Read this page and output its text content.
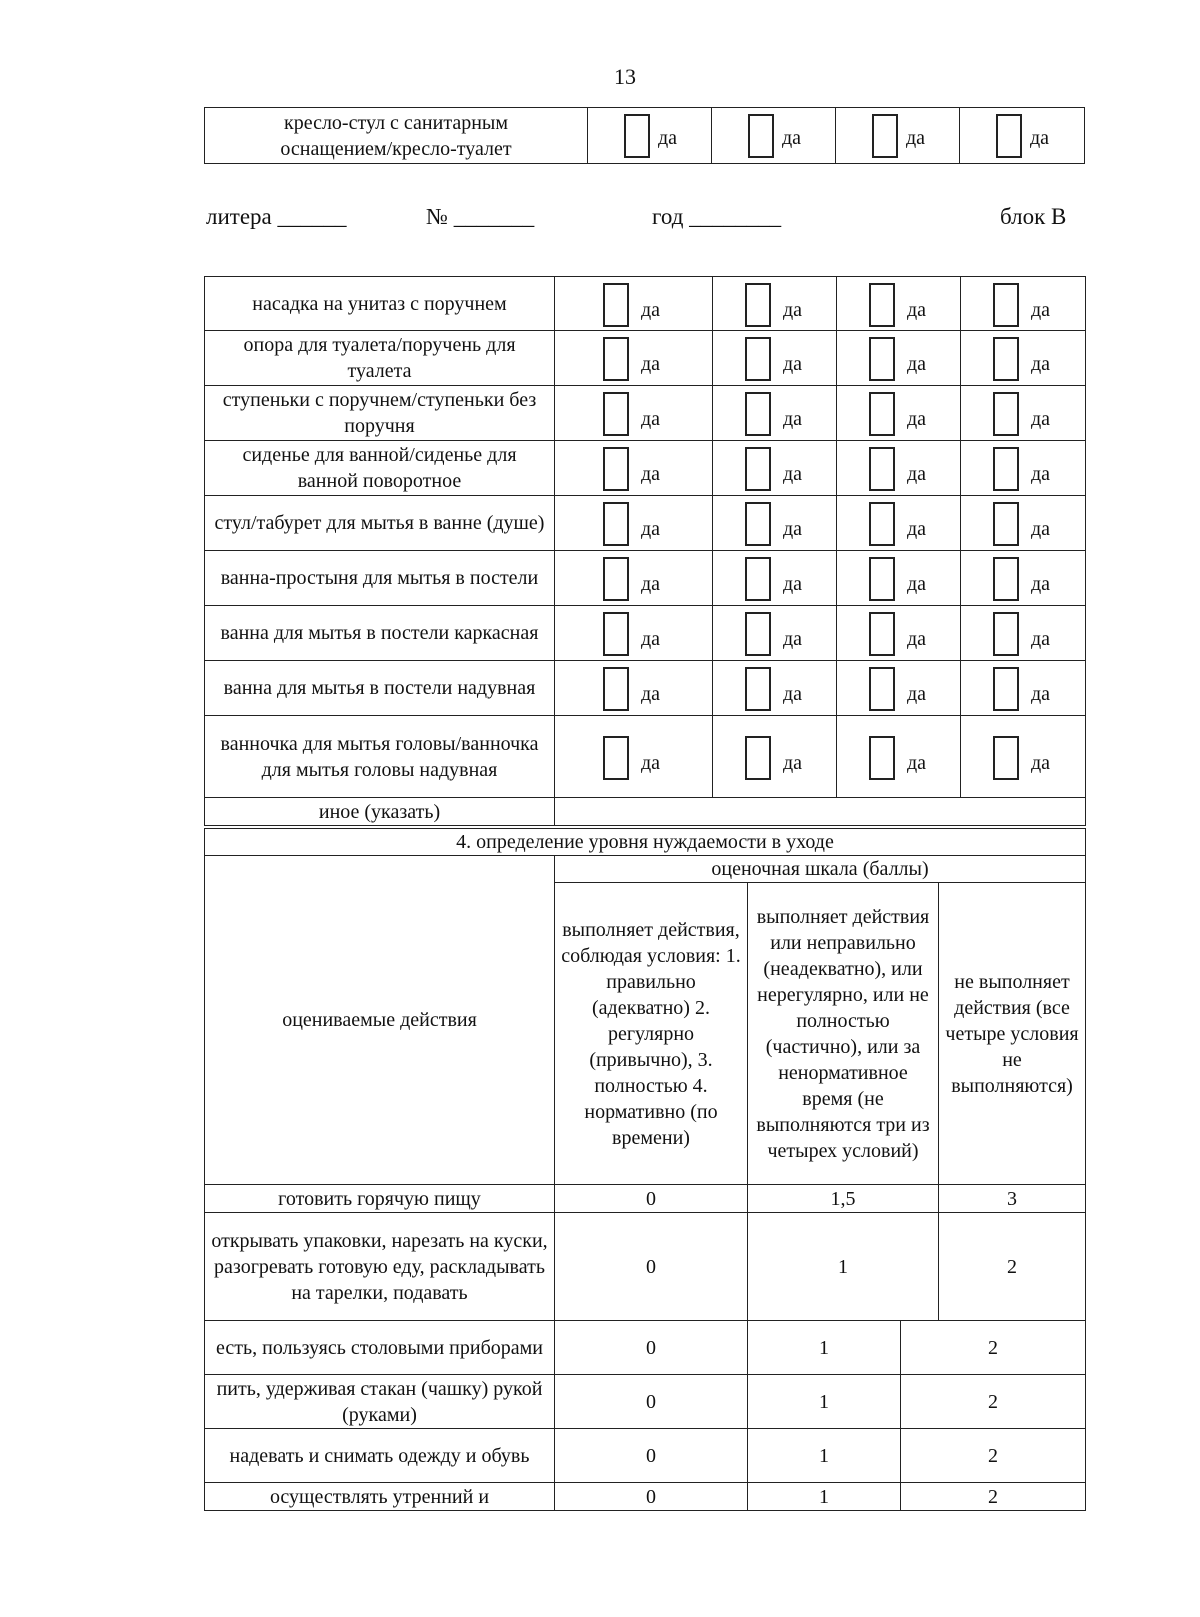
13
кресло-стул с санитарным оснащением/кресло-туалет	да	да	да	да
литера ______	№ _______	год ________	блок В
насадка на унитаз с поручнем	да	да	да	да

опора для туалета/поручень для туалета	да	да	да	да

ступеньки с поручнем/ступеньки без поручня	да	да	да	да

сиденье для ванной/сиденье для ванной поворотное	да	да	да	да

стул/табурет для мытья в ванне (душе)	да	да	да	да

ванна-простыня для мытья в постели	да	да	да	да

ванна для мытья в постели каркасная	да	да	да	да

ванна для мытья в постели надувная	да	да	да	да

ванночка для мытья головы/ванночка для мытья головы надувная	да	да	да	да

иное (указать)				
4. определение уровня нуждаемости в уходе				
оцениваемые действия	оценочная шкала (баллы)			
	выполняет действия, соблюдая условия: 1. правильно (адекватно) 2. регулярно (привычно), 3. полностью 4. нормативно (по времени)	выполняет действия или неправильно (неадекватно), или нерегулярно, или не полностью (частично), или за ненормативное время (не выполняются три из четырех условий)		не выполняет действия (все четыре условия не выполняются)
готовить горячую пищу	0	1,5		3
открывать упаковки, нарезать на куски, разогревать готовую еду, раскладывать на тарелки, подавать	0	1		2
есть, пользуясь столовыми приборами	0	1	2	
пить, удерживая стакан (чашку) рукой (руками)	0	1	2	
надевать и снимать одежду и обувь	0	1	2	
осуществлять утренний и	0	1	2	
